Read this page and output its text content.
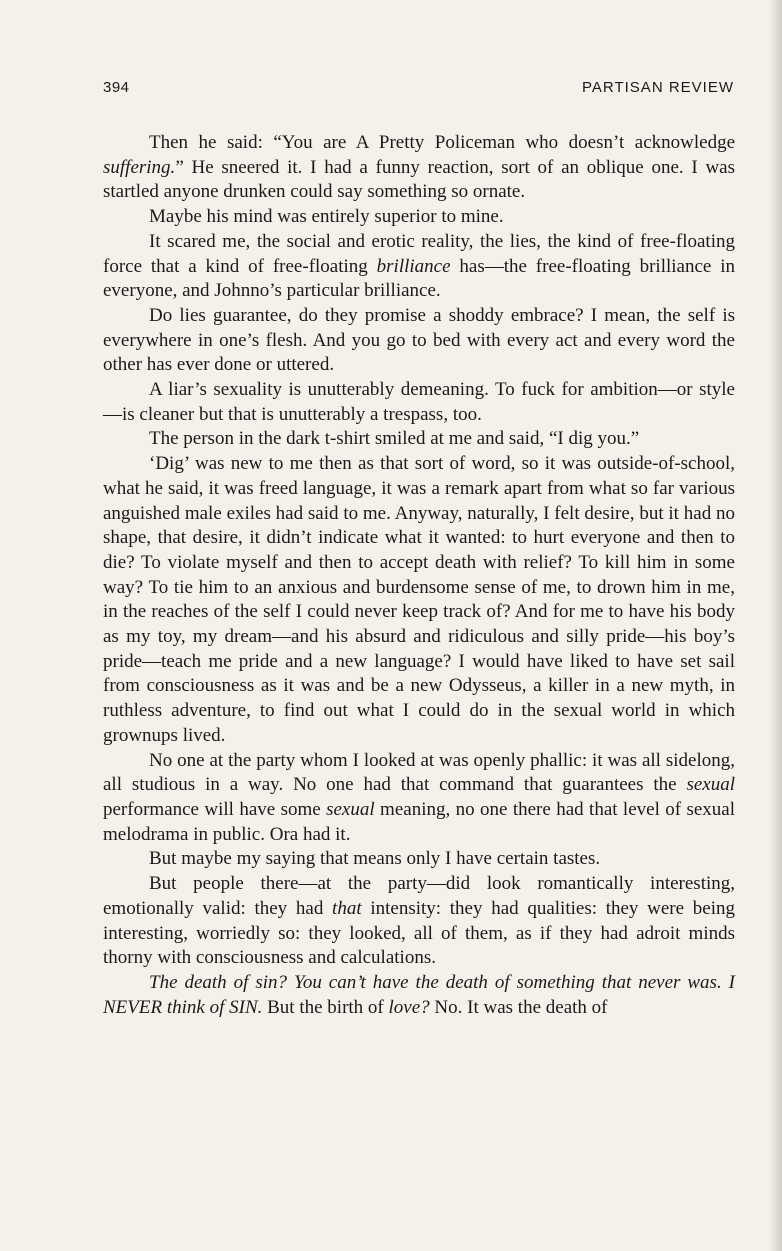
394	PARTISAN REVIEW

Then he said: “You are A Pretty Policeman who doesn’t acknowledge suffering.” He sneered it. I had a funny reaction, sort of an oblique one. I was startled anyone drunken could say something so ornate.

Maybe his mind was entirely superior to mine.

It scared me, the social and erotic reality, the lies, the kind of free-floating force that a kind of free-floating brilliance has—the free-floating brilliance in everyone, and Johnno’s particular brilliance.

Do lies guarantee, do they promise a shoddy embrace? I mean, the self is everywhere in one’s flesh. And you go to bed with every act and every word the other has ever done or uttered.

A liar’s sexuality is unutterably demeaning. To fuck for ambition—or style—is cleaner but that is unutterably a trespass, too.

The person in the dark t-shirt smiled at me and said, “I dig you.”

‘Dig’ was new to me then as that sort of word, so it was outside-of-school, what he said, it was freed language, it was a remark apart from what so far various anguished male exiles had said to me. Anyway, naturally, I felt desire, but it had no shape, that desire, it didn’t indicate what it wanted: to hurt everyone and then to die? To violate myself and then to accept death with relief? To kill him in some way? To tie him to an anxious and burdensome sense of me, to drown him in me, in the reaches of the self I could never keep track of? And for me to have his body as my toy, my dream—and his absurd and ridiculous and silly pride—his boy’s pride—teach me pride and a new language? I would have liked to have set sail from consciousness as it was and be a new Odysseus, a killer in a new myth, in ruthless adventure, to find out what I could do in the sexual world in which grownups lived.

No one at the party whom I looked at was openly phallic: it was all sidelong, all studious in a way. No one had that command that guarantees the sexual performance will have some sexual meaning, no one there had that level of sexual melodrama in public. Ora had it.

But maybe my saying that means only I have certain tastes.

But people there—at the party—did look romantically interesting, emotionally valid: they had that intensity: they had qualities: they were being interesting, worriedly so: they looked, all of them, as if they had adroit minds thorny with consciousness and calculations.

The death of sin? You can’t have the death of something that never was. I NEVER think of SIN. But the birth of love? No. It was the death of
